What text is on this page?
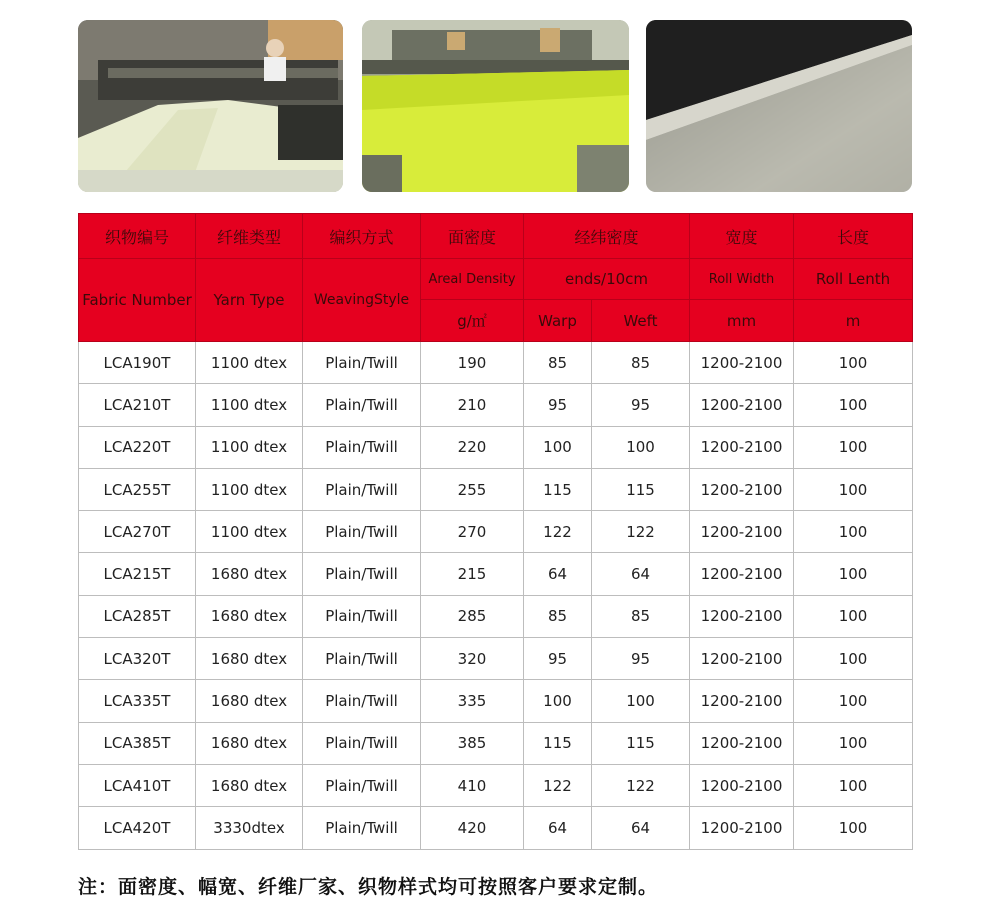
织物编号	纤维类型	编织方式	面密度	经纬密度		宽度	长度
Fabric Number	Yarn Type	WeavingStyle	Areal Density	ends/10cm		Roll Width	Roll Lenth
			g/㎡	Warp	Weft	mm	m
LCA190T	1100 dtex	Plain/Twill	190	85	85	1200-2100	100
LCA210T	1100 dtex	Plain/Twill	210	95	95	1200-2100	100
LCA220T	1100 dtex	Plain/Twill	220	100	100	1200-2100	100
LCA255T	1100 dtex	Plain/Twill	255	115	115	1200-2100	100
LCA270T	1100 dtex	Plain/Twill	270	122	122	1200-2100	100
LCA215T	1680 dtex	Plain/Twill	215	64	64	1200-2100	100
LCA285T	1680 dtex	Plain/Twill	285	85	85	1200-2100	100
LCA320T	1680 dtex	Plain/Twill	320	95	95	1200-2100	100
LCA335T	1680 dtex	Plain/Twill	335	100	100	1200-2100	100
LCA385T	1680 dtex	Plain/Twill	385	115	115	1200-2100	100
LCA410T	1680 dtex	Plain/Twill	410	122	122	1200-2100	100
LCA420T	3330dtex	Plain/Twill	420	64	64	1200-2100	100
注：面密度、幅宽、纤维厂家、织物样式均可按照客户要求定制。
